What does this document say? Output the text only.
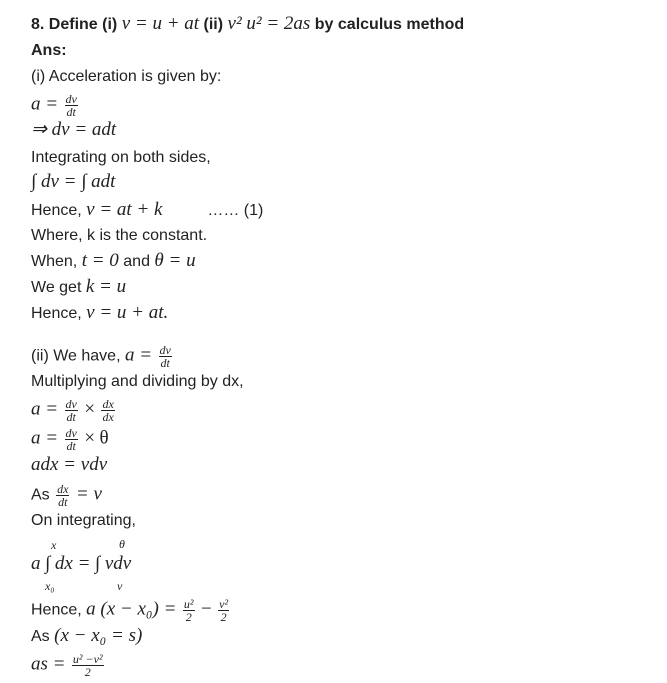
8. Define (i) v = u + at (ii) v² u² = 2as by calculus method
Ans:
(i) Acceleration is given by:
$a = \frac{dv}{dt}$
⇒ dv = adt
Integrating on both sides,
∫ dv = ∫ adt
Hence, v = at + k	…… (1)
Where, k is the constant.
When, t = 0 and θ = u
We get k = u
Hence, v = u + at.
(ii) We have, $a = \frac{dv}{dt}$
Multiplying and dividing by dx,
$a = \frac{dv}{dt} \times \frac{dx}{dx}$
$a = \frac{dv}{dt} \times \theta$
adx = vdv
As $\frac{dx}{dt} = v$
On integrating,
a ∫ dx = ∫ vdv
x
x₀
θ
v
Hence, a $(x - x_0) = \frac{\text{u²}}{2} - \frac{\text{v²}}{2}$
As (x − x₀ = s)
as = $\frac{\text{u² −v²}}{2}$
